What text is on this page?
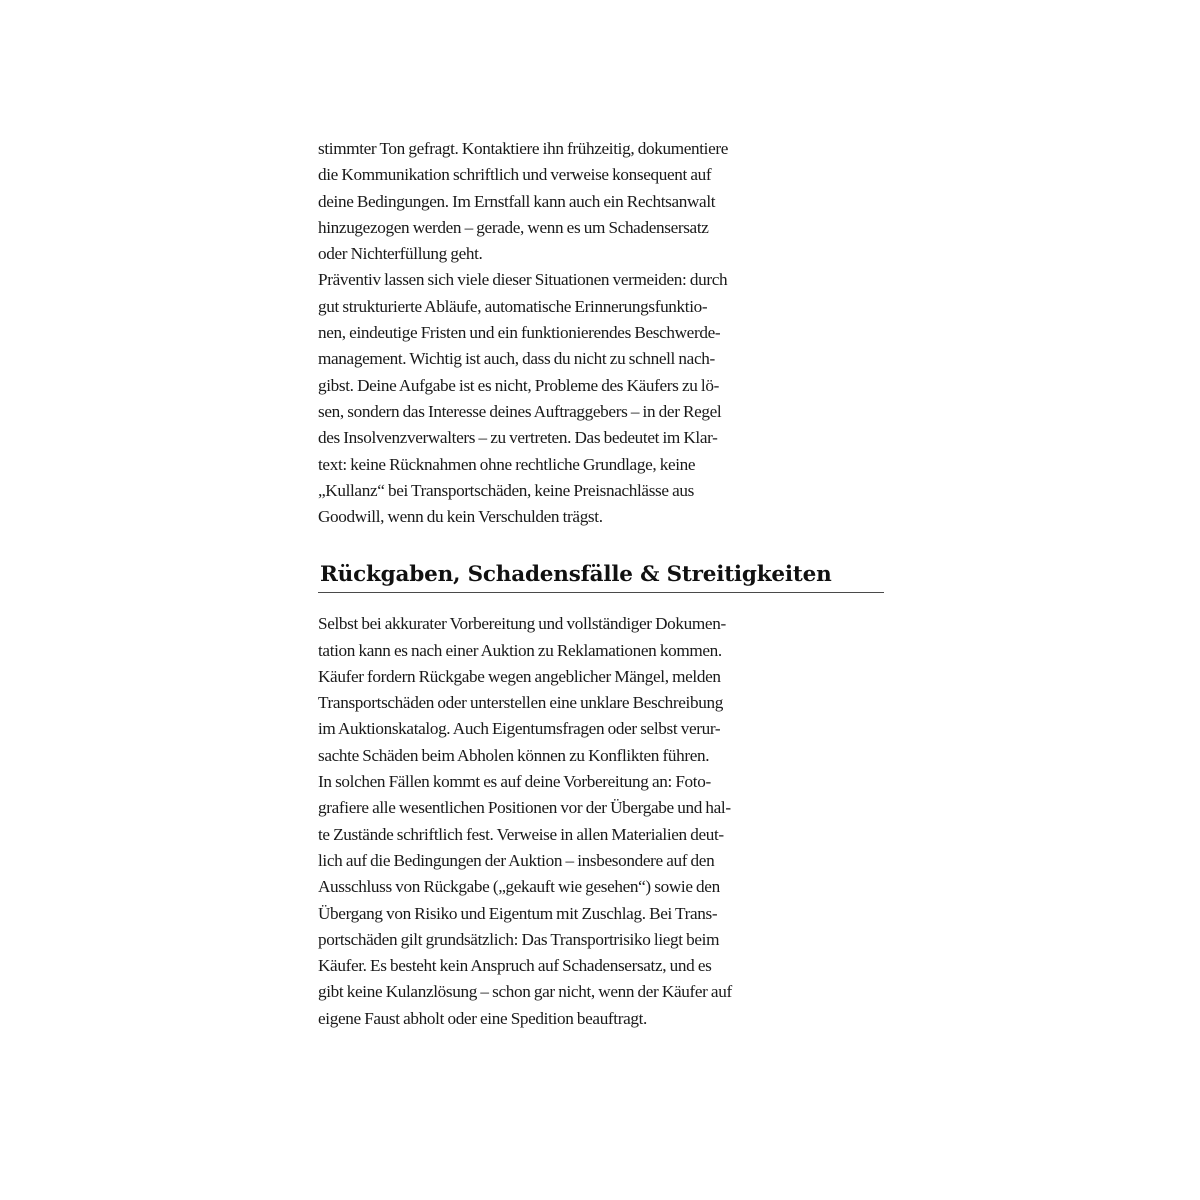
stimmter Ton gefragt. Kontaktiere ihn frühzeitig, dokumentiere
die Kommunikation schriftlich und verweise konsequent auf
deine Bedingungen. Im Ernstfall kann auch ein Rechtsanwalt
hinzugezogen werden – gerade, wenn es um Schadensersatz
oder Nichterfüllung geht.
Präventiv lassen sich viele dieser Situationen vermeiden: durch
gut strukturierte Abläufe, automatische Erinnerungsfunktio-
nen, eindeutige Fristen und ein funktionierendes Beschwerde-
management. Wichtig ist auch, dass du nicht zu schnell nach-
gibst. Deine Aufgabe ist es nicht, Probleme des Käufers zu lö-
sen, sondern das Interesse deines Auftraggebers – in der Regel
des Insolvenzverwalters – zu vertreten. Das bedeutet im Klar-
text: keine Rücknahmen ohne rechtliche Grundlage, keine
„Kullanz“ bei Transportschäden, keine Preisnachlässe aus
Goodwill, wenn du kein Verschulden trägst.
Rückgaben, Schadensfälle & Streitigkeiten
Selbst bei akkurater Vorbereitung und vollständiger Dokumen-
tation kann es nach einer Auktion zu Reklamationen kommen.
Käufer fordern Rückgabe wegen angeblicher Mängel, melden
Transportschäden oder unterstellen eine unklare Beschreibung
im Auktionskatalog. Auch Eigentumsfragen oder selbst verur-
sachte Schäden beim Abholen können zu Konflikten führen.
In solchen Fällen kommt es auf deine Vorbereitung an: Foto-
grafiere alle wesentlichen Positionen vor der Übergabe und hal-
te Zustände schriftlich fest. Verweise in allen Materialien deut-
lich auf die Bedingungen der Auktion – insbesondere auf den
Ausschluss von Rückgabe („gekauft wie gesehen“) sowie den
Übergang von Risiko und Eigentum mit Zuschlag. Bei Trans-
portschäden gilt grundsätzlich: Das Transportrisiko liegt beim
Käufer. Es besteht kein Anspruch auf Schadensersatz, und es
gibt keine Kulanzlösung – schon gar nicht, wenn der Käufer auf
eigene Faust abholt oder eine Spedition beauftragt.
